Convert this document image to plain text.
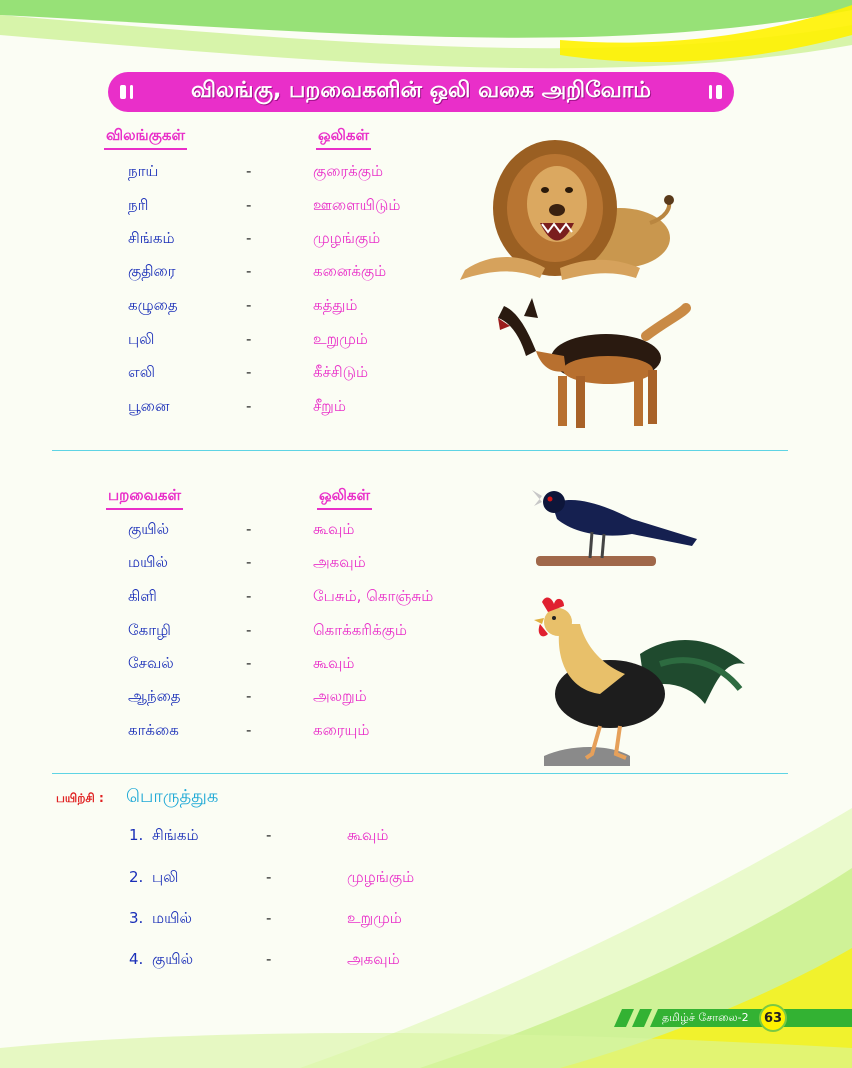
விலங்கு, பறவைகளின் ஒலி வகை அறிவோம்
விலங்குகள்	ஒலிகள்
நாய்	-	குரைக்கும்
நரி	-	ஊளையிடும்
சிங்கம்	-	முழங்கும்
குதிரை	-	கனைக்கும்
கழுதை	-	கத்தும்
புலி	-	உறுமும்
எலி	-	கீச்சிடும்
பூனை	-	சீறும்
பறவைகள்	ஒலிகள்
குயில்	-	கூவும்
மயில்	-	அகவும்
கிளி	-	பேசும், கொஞ்சும்
கோழி	-	கொக்கரிக்கும்
சேவல்	-	கூவும்
ஆந்தை	-	அலறும்
காக்கை	-	கரையும்
பயிற்சி : பொருத்துக
1. சிங்கம்	-	கூவும்
2. புலி	-	முழங்கும்
3. மயில்	-	உறுமும்
4. குயில்	-	அகவும்
தமிழ்ச் சோலை-2	63
